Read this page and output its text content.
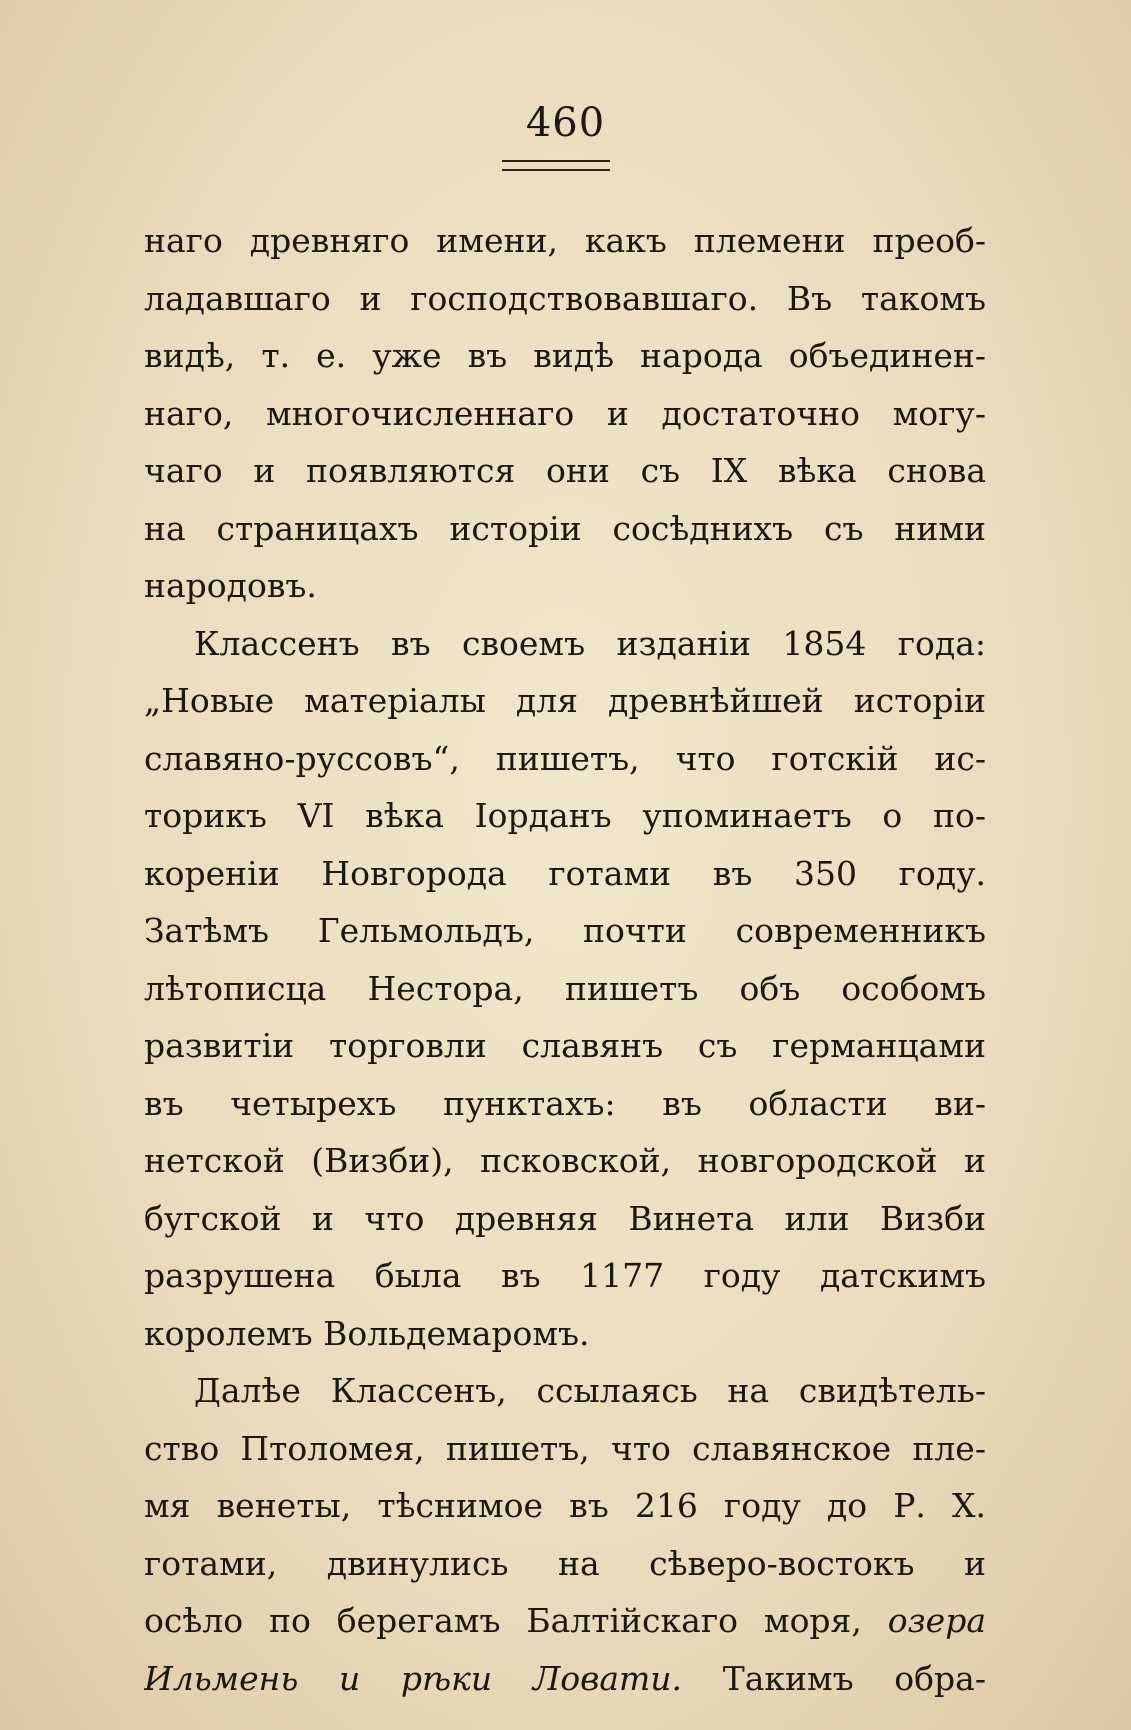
460
наго древняго имени, какъ племени преоб-
ладавшаго и господствовавшаго. Въ такомъ
видѣ, т. е. уже въ видѣ народа объединен-
наго, многочисленнаго и достаточно могу-
чаго и появляются они съ IX вѣка снова
на страницахъ исторіи сосѣднихъ съ ними
народовъ.
Классенъ въ своемъ изданіи 1854 года:
„Новые матеріалы для древнѣйшей исторіи
славяно-руссовъ“, пишетъ, что готскій ис-
торикъ VI вѣка Іорданъ упоминаетъ о по-
кореніи Новгорода готами въ 350 году.
Затѣмъ Гельмольдъ, почти современникъ
лѣтописца Нестора, пишетъ объ особомъ
развитіи торговли славянъ съ германцами
въ четырехъ пунктахъ: въ области ви-
нетской (Визби), псковской, новгородской и
бугской и что древняя Винета или Визби
разрушена была въ 1177 году датскимъ
королемъ Вольдемаромъ.
Далѣе Классенъ, ссылаясь на свидѣтель-
ство Птоломея, пишетъ, что славянское пле-
мя венеты, тѣснимое въ 216 году до Р. Х.
готами, двинулись на сѣверо-востокъ и
осѣло по берегамъ Балтійскаго моря, озера
Ильмень и рѣки Ловати. Такимъ обра-
